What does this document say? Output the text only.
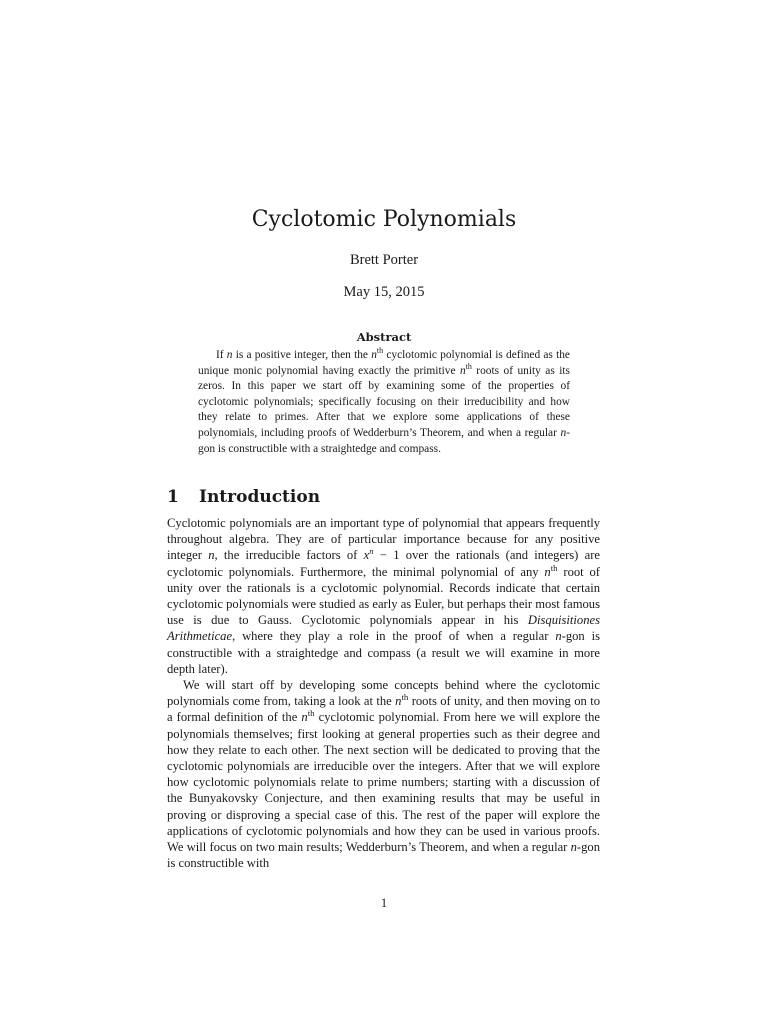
Cyclotomic Polynomials
Brett Porter
May 15, 2015
Abstract

If n is a positive integer, then the $n^{th}$ cyclotomic polynomial is defined as the unique monic polynomial having exactly the primitive $n^{th}$ roots of unity as its zeros. In this paper we start off by examining some of the properties of cyclotomic polynomials; specifically focusing on their irreducibility and how they relate to primes. After that we explore some applications of these polynomials, including proofs of Wedderburn’s Theorem, and when a regular n-gon is constructible with a straightedge and compass.

1 Introduction

Cyclotomic polynomials are an important type of polynomial that appears frequently throughout algebra. They are of particular importance because for any positive integer n, the irreducible factors of $x^n - 1$ over the rationals (and integers) are cyclotomic polynomials. Furthermore, the minimal polynomial of any $n^{th}$ root of unity over the rationals is a cyclotomic polynomial. Records indicate that certain cyclotomic polynomials were studied as early as Euler, but perhaps their most famous use is due to Gauss. Cyclotomic polynomials appear in his Disquisitiones Arithmeticae, where they play a role in the proof of when a regular n-gon is constructible with a straightedge and compass (a result we will examine in more depth later).

We will start off by developing some concepts behind where the cyclotomic polynomials come from, taking a look at the $n^{th}$ roots of unity, and then moving on to a formal definition of the $n^{th}$ cyclotomic polynomial. From here we will explore the polynomials themselves; first looking at general properties such as their degree and how they relate to each other. The next section will be dedicated to proving that the cyclotomic polynomials are irreducible over the integers. After that we will explore how cyclotomic polynomials relate to prime numbers; starting with a discussion of the Bunyakovsky Conjecture, and then examining results that may be useful in proving or disproving a special case of this. The rest of the paper will explore the applications of cyclotomic polynomials and how they can be used in various proofs. We will focus on two main results; Wedderburn’s Theorem, and when a regular n-gon is constructible with

1
